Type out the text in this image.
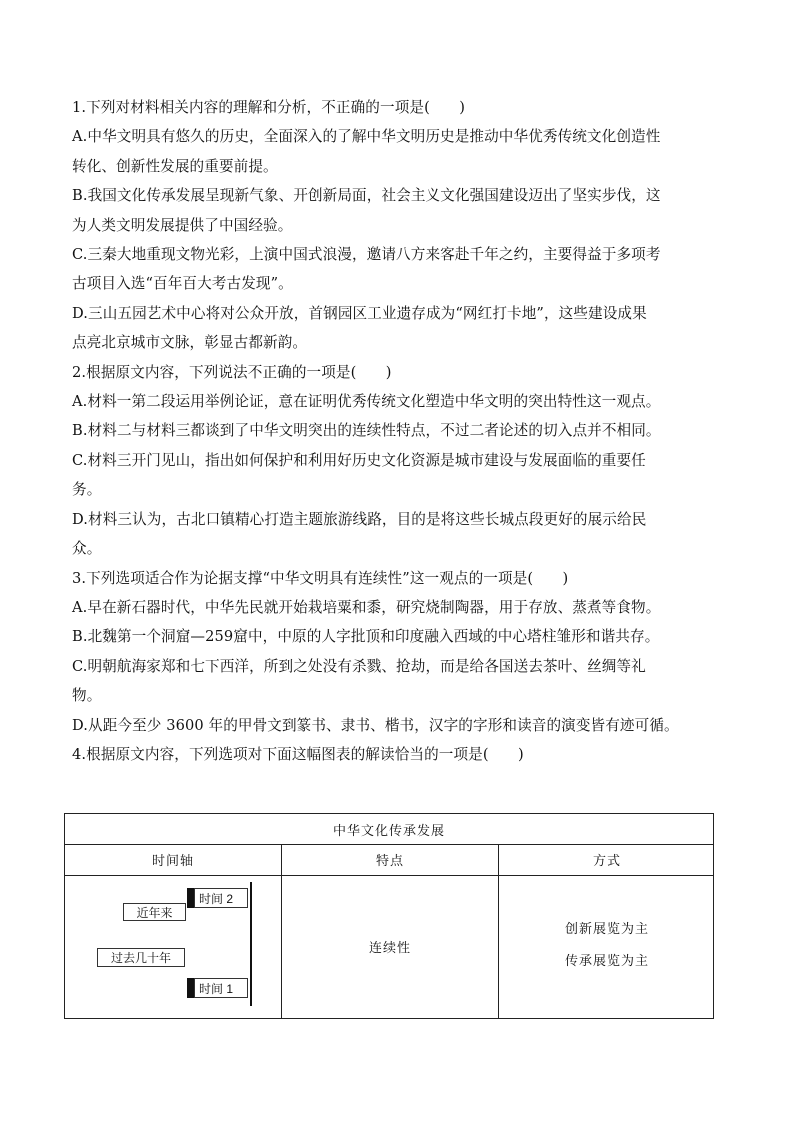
1.下列对材料相关内容的理解和分析，不正确的一项是(　　)
A.中华文明具有悠久的历史，全面深入的了解中华文明历史是推动中华优秀传统文化创造性
转化、创新性发展的重要前提。
B.我国文化传承发展呈现新气象、开创新局面，社会主义文化强国建设迈出了坚实步伐，这
为人类文明发展提供了中国经验。
C.三秦大地重现文物光彩，上演中国式浪漫，邀请八方来客赴千年之约，主要得益于多项考
古项目入选“百年百大考古发现”。
D.三山五园艺术中心将对公众开放，首钢园区工业遗存成为“网红打卡地”，这些建设成果
点亮北京城市文脉，彰显古都新韵。
2.根据原文内容，下列说法不正确的一项是(　　)
A.材料一第二段运用举例论证，意在证明优秀传统文化塑造中华文明的突出特性这一观点。
B.材料二与材料三都谈到了中华文明突出的连续性特点，不过二者论述的切入点并不相同。
C.材料三开门见山，指出如何保护和利用好历史文化资源是城市建设与发展面临的重要任
务。
D.材料三认为，古北口镇精心打造主题旅游线路，目的是将这些长城点段更好的展示给民
众。
3.下列选项适合作为论据支撑“中华文明具有连续性”这一观点的一项是(　　)
A.早在新石器时代，中华先民就开始栽培粟和黍，研究烧制陶器，用于存放、蒸煮等食物。
B.北魏第一个洞窟—259窟中，中原的人字批顶和印度融入西域的中心塔柱雏形和谐共存。
C.明朝航海家郑和七下西洋，所到之处没有杀戮、抢劫，而是给各国送去茶叶、丝绸等礼
物。
D.从距今至少 3600 年的甲骨文到篆书、隶书、楷书，汉字的字形和读音的演变皆有迹可循。
4.根据原文内容，下列选项对下面这幅图表的解读恰当的一项是(　　)
中华文化传承发展
时间轴	特点	方式
时间 2
近年来
过去几十年
时间 1
连续性
创新展览为主
传承展览为主
